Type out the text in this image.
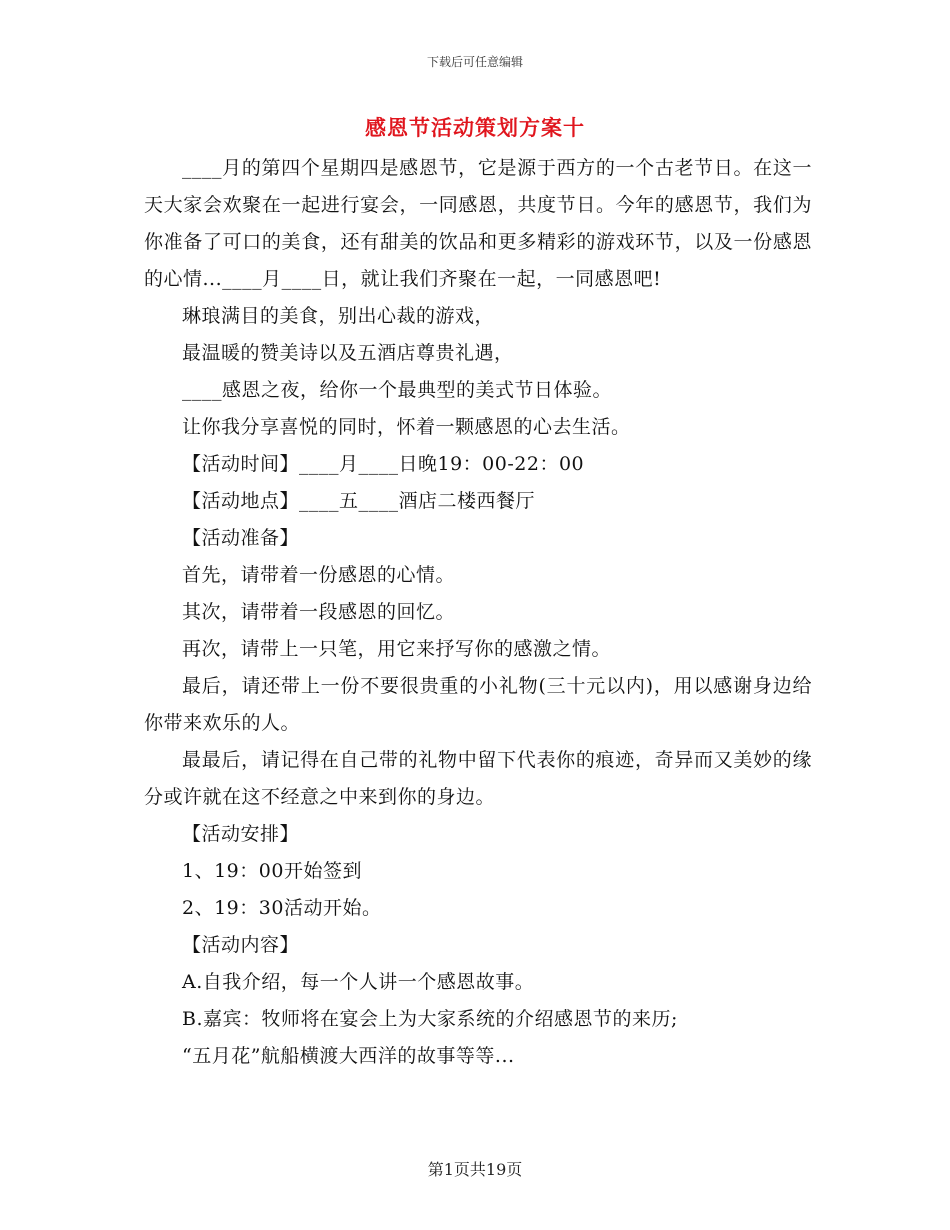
下载后可任意编辑
感恩节活动策划方案十

____月的第四个星期四是感恩节，它是源于西方的一个古老节日。在这一天大家会欢聚在一起进行宴会，一同感恩，共度节日。今年的感恩节，我们为你准备了可口的美食，还有甜美的饮品和更多精彩的游戏环节，以及一份感恩的心情...____月____日，就让我们齐聚在一起，一同感恩吧!

琳琅满目的美食，别出心裁的游戏，

最温暖的赞美诗以及五酒店尊贵礼遇，

____感恩之夜，给你一个最典型的美式节日体验。

让你我分享喜悦的同时，怀着一颗感恩的心去生活。

【活动时间】____月____日晚19：00-22：00

【活动地点】____五____酒店二楼西餐厅

【活动准备】

首先，请带着一份感恩的心情。

其次，请带着一段感恩的回忆。

再次，请带上一只笔，用它来抒写你的感激之情。

最后，请还带上一份不要很贵重的小礼物(三十元以内)，用以感谢身边给你带来欢乐的人。

最最后，请记得在自己带的礼物中留下代表你的痕迹，奇异而又美妙的缘分或许就在这不经意之中来到你的身边。

【活动安排】

1、19：00开始签到

2、19：30活动开始。

【活动内容】

A.自我介绍，每一个人讲一个感恩故事。

B.嘉宾：牧师将在宴会上为大家系统的介绍感恩节的来历;

“五月花”航船横渡大西洋的故事等等...

第1页共19页
